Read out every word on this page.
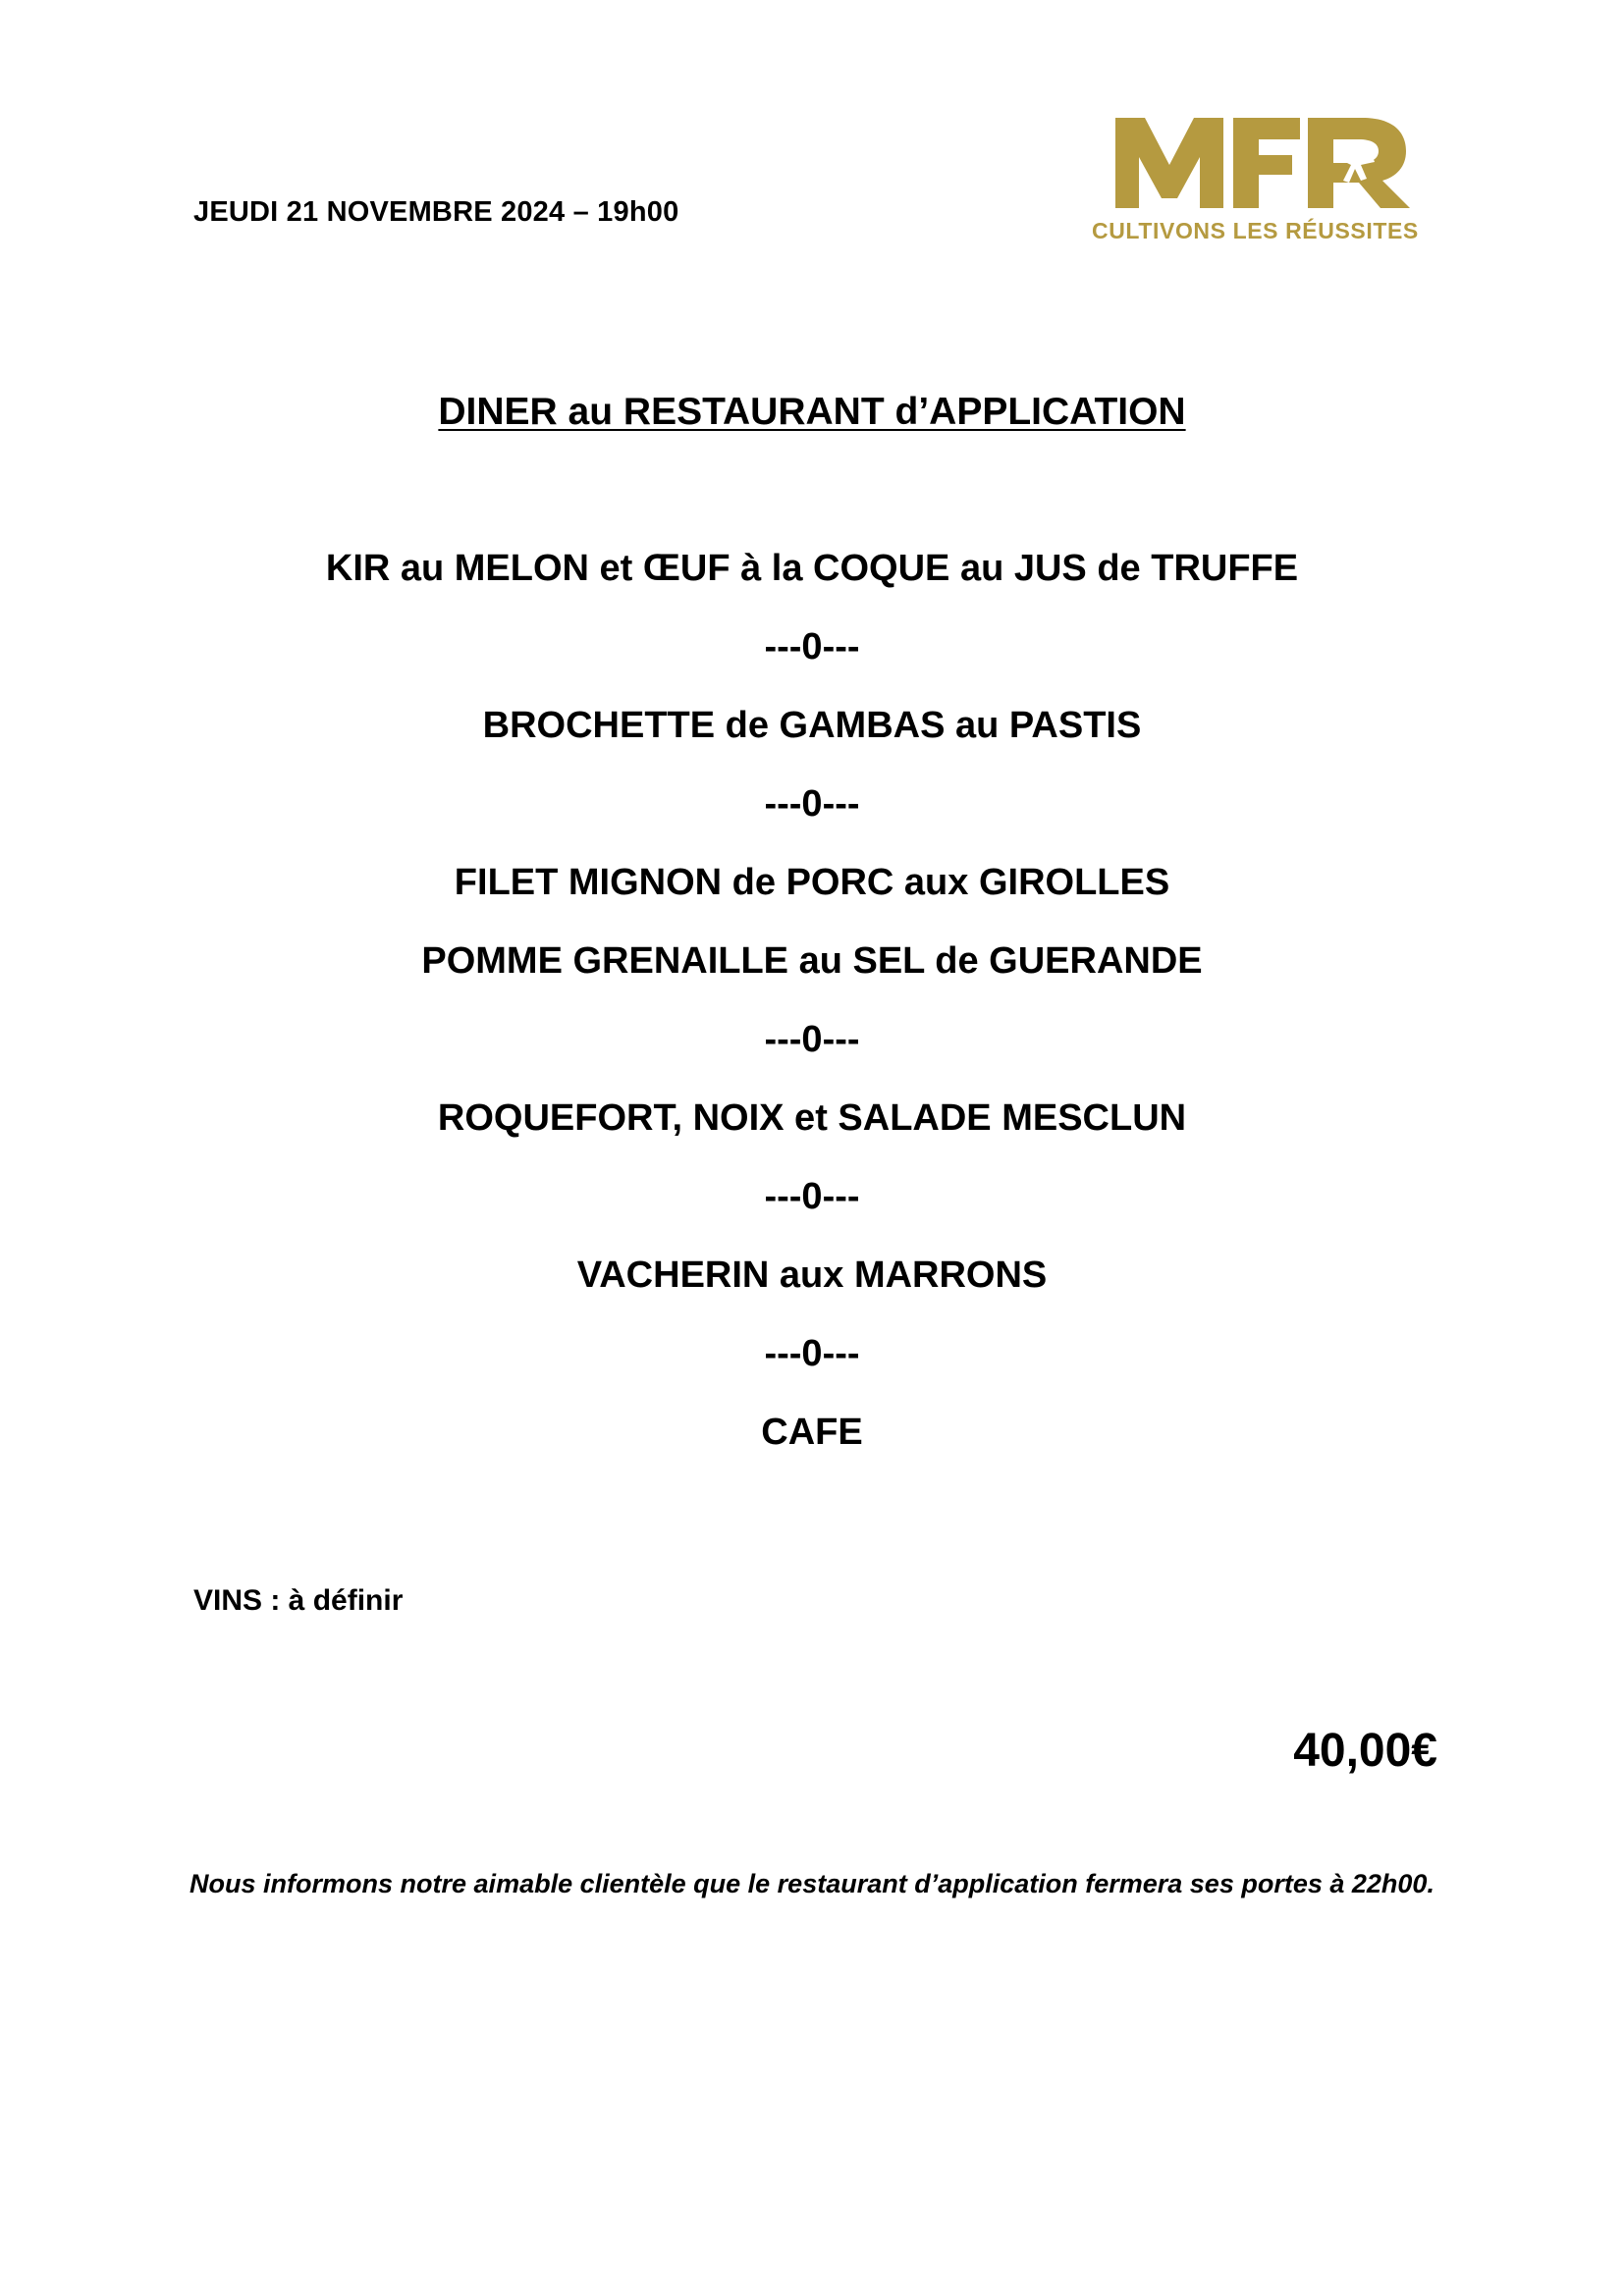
JEUDI 21 NOVEMBRE 2024 – 19h00
CULTIVONS LES RÉUSSITES
DINER au RESTAURANT d’APPLICATION
KIR au MELON et ŒUF à la COQUE au JUS de TRUFFE
---0---
BROCHETTE de GAMBAS au PASTIS
---0---
FILET MIGNON de PORC aux GIROLLES
POMME GRENAILLE au SEL de GUERANDE
---0---
ROQUEFORT, NOIX et SALADE MESCLUN
---0---
VACHERIN aux MARRONS
---0---
CAFE
VINS : à définir
40,00€
Nous informons notre aimable clientèle que le restaurant d’application fermera ses portes à 22h00.
